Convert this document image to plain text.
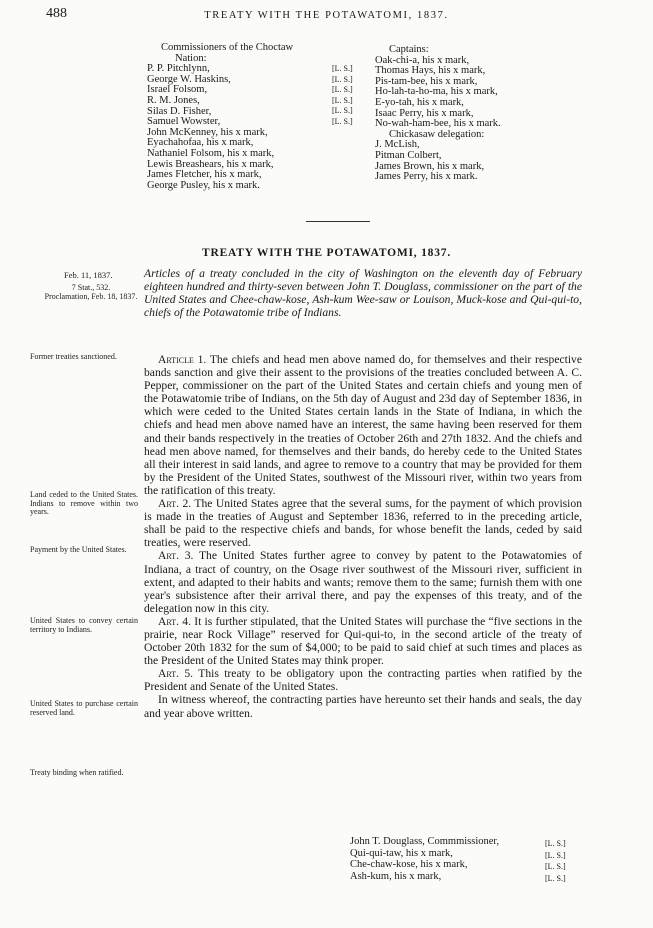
488	TREATY WITH THE POTAWATOMI, 1837.
Commissioners of the Choctaw
Nation:
P. P. Pitchlynn,
George W. Haskins,
Israel Folsom,
R. M. Jones,
Silas D. Fisher,
Samuel Wowster,
John McKenney, his x mark,
Eyachahofaa, his x mark,
Nathaniel Folsom, his x mark,
Lewis Breashears, his x mark,
James Fletcher, his x mark,
George Pusley, his x mark.
[L. S.]
[L. S.]
[L. S.]
[L. S.]
[L. S.]
[L. S.]
Captains:
Oak-chi-a, his x mark,
Thomas Hays, his x mark,
Pis-tam-bee, his x mark,
Ho-lah-ta-ho-ma, his x mark,
E-yo-tah, his x mark,
Isaac Perry, his x mark,
No-wah-ham-bee, his x mark.
Chickasaw delegation:
J. McLish,
Pitman Colbert,
James Brown, his x mark,
James Perry, his x mark.
TREATY WITH THE POTAWATOMI, 1837.
Feb. 11, 1837.
7 Stat., 532.
Proclamation, Feb. 18, 1837.
Articles of a treaty concluded in the city of Washington on the eleventh day of February eighteen hundred and thirty-seven between John T. Douglass, commissioner on the part of the United States and Chee-chaw-kose, Ash-kum Wee-saw or Louison, Muck-kose and Qui-qui-to, chiefs of the Potawatomie tribe of Indians.
Former treaties sanctioned.
Land ceded to the United States. Indians to remove within two years.
Payment by the United States.
United States to convey certain territory to Indians.
United States to purchase certain reserved land.
Treaty binding when ratified.

Article 1. The chiefs and head men above named do, for themselves and their respective bands sanction and give their assent to the provisions of the treaties concluded between A. C. Pepper, commissioner on the part of the United States and certain chiefs and young men of the Potawatomie tribe of Indians, on the 5th day of August and 23d day of September 1836, in which were ceded to the United States certain lands in the State of Indiana, in which the chiefs and head men above named have an interest, the same having been reserved for them and their bands respectively in the treaties of October 26th and 27th 1832. And the chiefs and head men above named, for themselves and their bands, do hereby cede to the United States all their interest in said lands, and agree to remove to a country that may be provided for them by the President of the United States, southwest of the Missouri river, within two years from the ratification of this treaty.

Art. 2. The United States agree that the several sums, for the payment of which provision is made in the treaties of August and September 1836, referred to in the preceding article, shall be paid to the respective chiefs and bands, for whose benefit the lands, ceded by said treaties, were reserved.

Art. 3. The United States further agree to convey by patent to the Potawatomies of Indiana, a tract of country, on the Osage river southwest of the Missouri river, sufficient in extent, and adapted to their habits and wants; remove them to the same; furnish them with one year's subsistence after their arrival there, and pay the expenses of this treaty, and of the delegation now in this city.

Art. 4. It is further stipulated, that the United States will purchase the “five sections in the prairie, near Rock Village” reserved for Qui-qui-to, in the second article of the treaty of October 20th 1832 for the sum of $4,000; to be paid to said chief at such times and places as the President of the United States may think proper.

Art. 5. This treaty to be obligatory upon the contracting parties when ratified by the President and Senate of the United States.

In witness whereof, the contracting parties have hereunto set their hands and seals, the day and year above written.

John T. Douglass, Commmissioner,
Qui-qui-taw, his x mark,
Che-chaw-kose, his x mark,
Ash-kum, his x mark,
[L. S.]
[L. S.]
[L. S.]
[L. S.]
